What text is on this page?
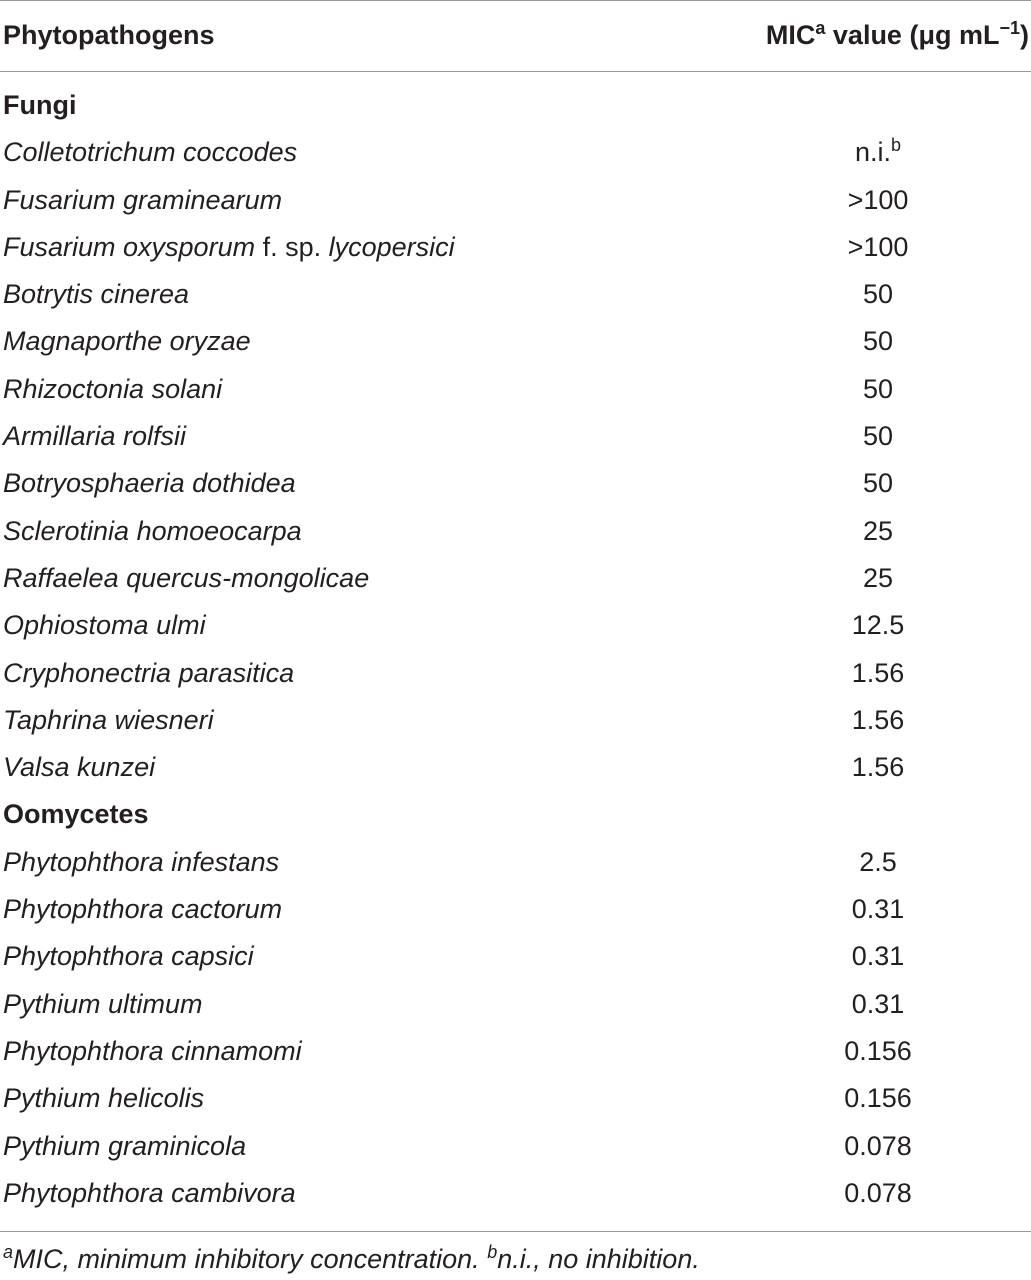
Phytopathogens	MIC$^a$ value (μg $mL^{-1}$)
Fungi
Colletotrichum coccodes	n.i.$^b$
Fusarium graminearum	>100
Fusarium oxysporum f. sp. lycopersici	>100
Botrytis cinerea	50
Magnaporthe oryzae	50
Rhizoctonia solani	50
Armillaria rolfsii	50
Botryosphaeria dothidea	50
Sclerotinia homoeocarpa	25
Raffaelea quercus-mongolicae	25
Ophiostoma ulmi	12.5
Cryphonectria parasitica	1.56
Taphrina wiesneri	1.56
Valsa kunzei	1.56
Oomycetes
Phytophthora infestans	2.5
Phytophthora cactorum	0.31
Phytophthora capsici	0.31
Pythium ultimum	0.31
Phytophthora cinnamomi	0.156
Pythium helicolis	0.156
Pythium graminicola	0.078
Phytophthora cambivora	0.078
$^a$MIC, minimum inhibitory concentration. $^b$n.i., no inhibition.
